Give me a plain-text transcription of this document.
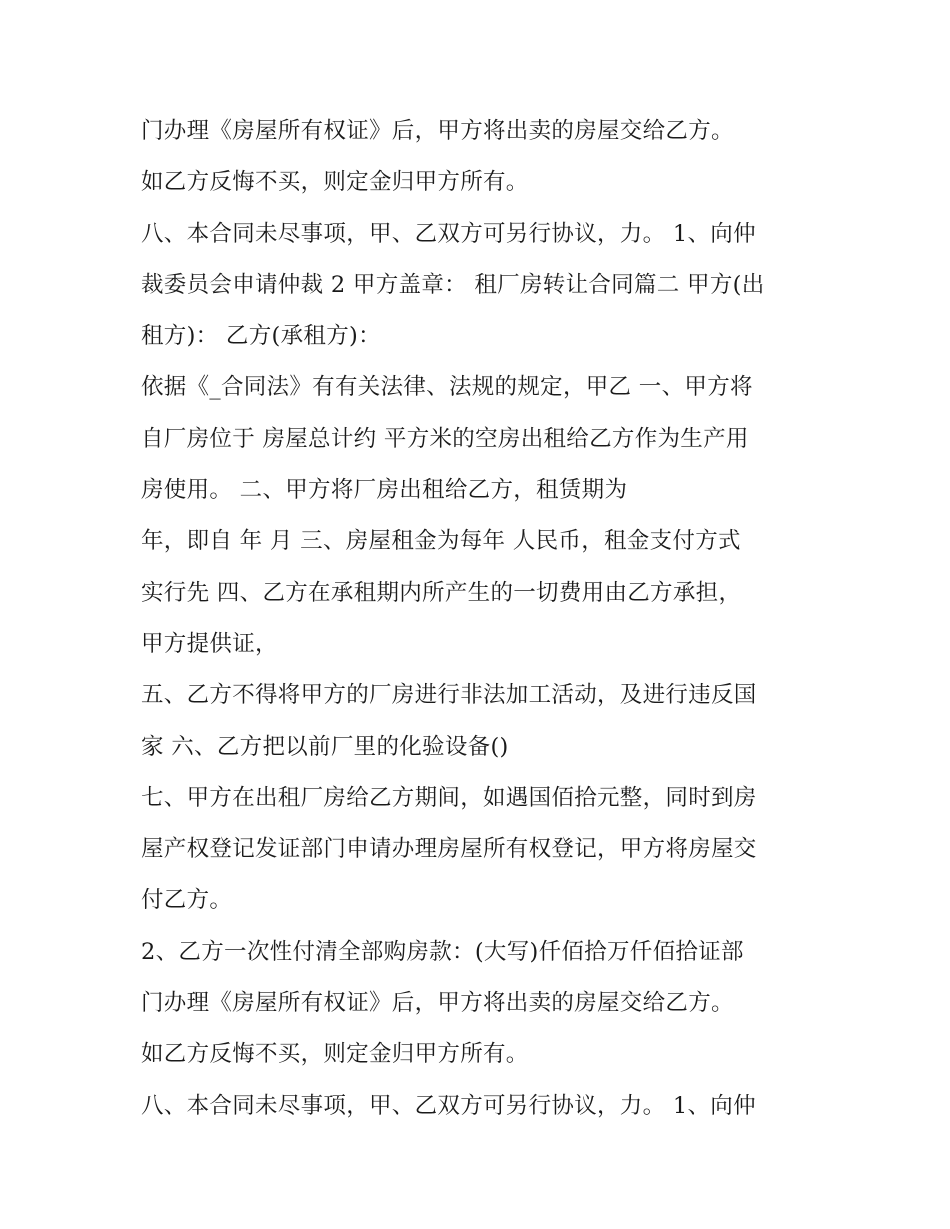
门办理《房屋所有权证》后，甲方将出卖的房屋交给乙方。
如乙方反悔不买，则定金归甲方所有。
八、本合同未尽事项，甲、乙双方可另行协议，力。 1、向仲
裁委员会申请仲裁 2 甲方盖章： 租厂房转让合同篇二 甲方(出
租方)： 乙方(承租方)：
依据《_合同法》有有关法律、法规的规定，甲乙 一、甲方将
自厂房位于 房屋总计约 平方米的空房出租给乙方作为生产用
房使用。 二、甲方将厂房出租给乙方，租赁期为
年，即自 年 月 三、房屋租金为每年 人民币，租金支付方式
实行先 四、乙方在承租期内所产生的一切费用由乙方承担，
甲方提供证，
五、乙方不得将甲方的厂房进行非法加工活动，及进行违反国
家 六、乙方把以前厂里的化验设备()
七、甲方在出租厂房给乙方期间，如遇国佰拾元整，同时到房
屋产权登记发证部门申请办理房屋所有权登记，甲方将房屋交
付乙方。
2、乙方一次性付清全部购房款：(大写)仟佰拾万仟佰拾证部
门办理《房屋所有权证》后，甲方将出卖的房屋交给乙方。
如乙方反悔不买，则定金归甲方所有。
八、本合同未尽事项，甲、乙双方可另行协议，力。 1、向仲
